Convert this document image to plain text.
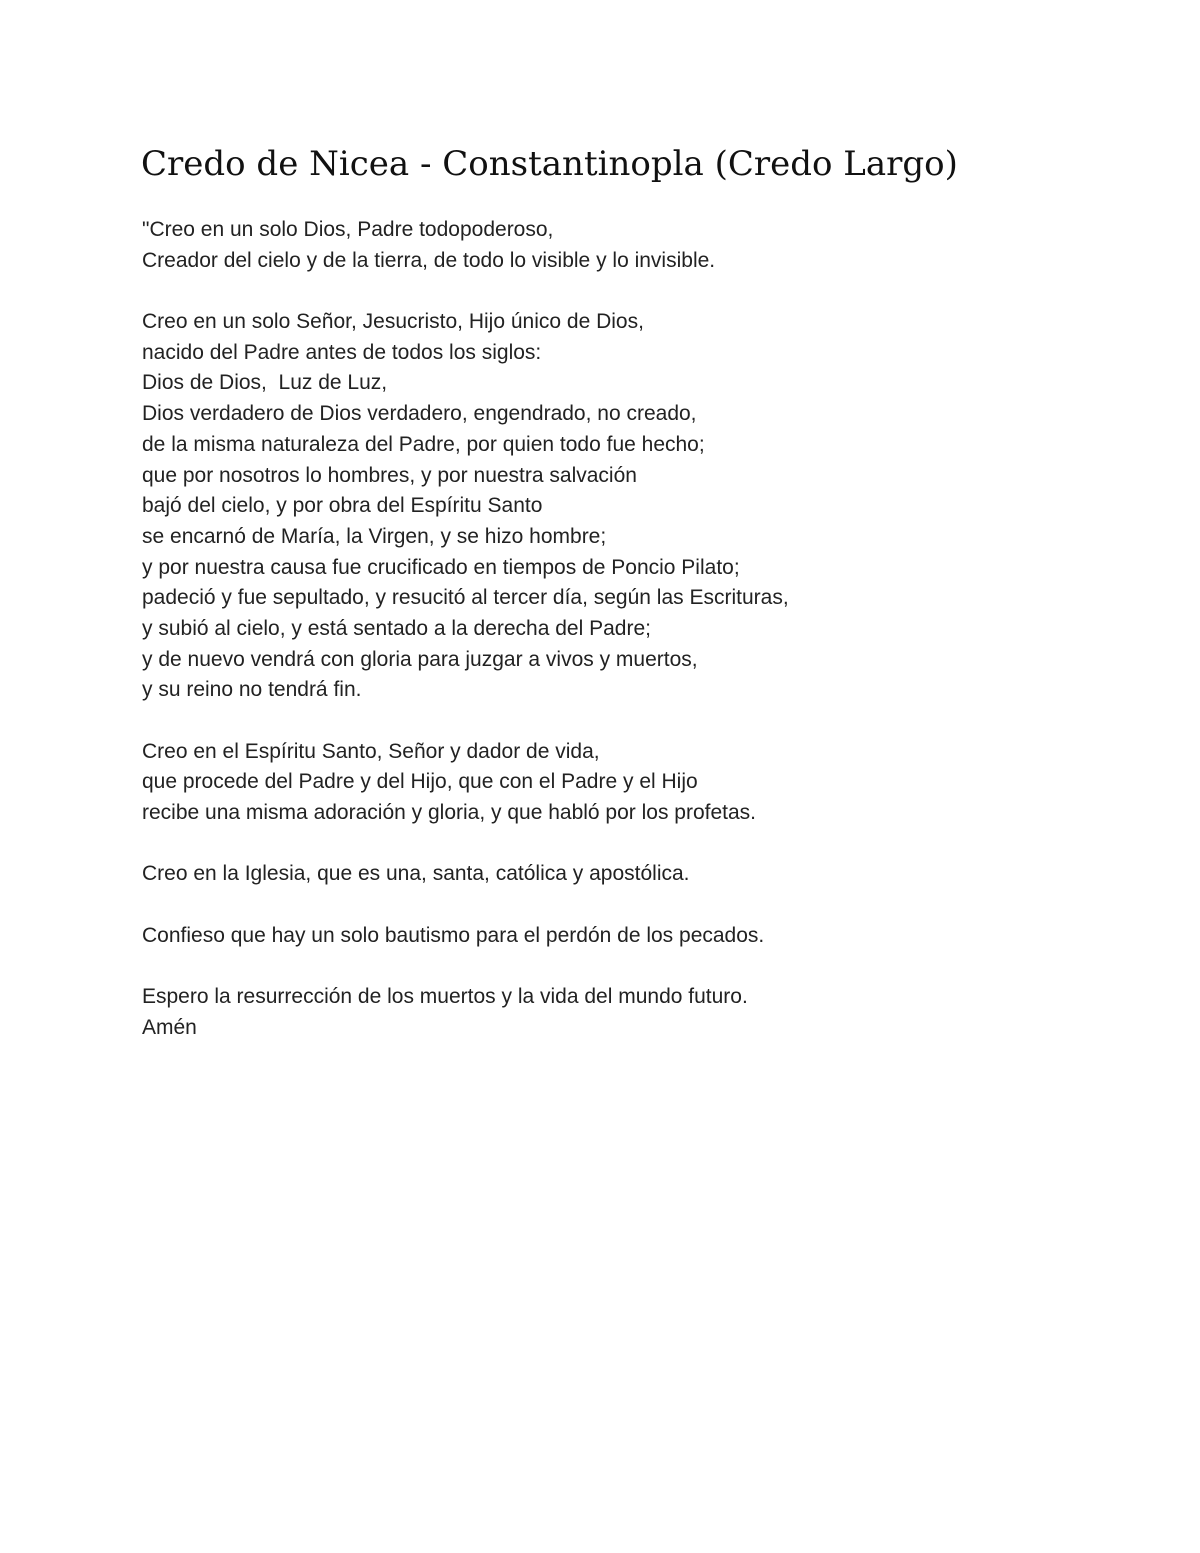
Credo de Nicea - Constantinopla (Credo Largo)
"Creo en un solo Dios, Padre todopoderoso,
Creador del cielo y de la tierra, de todo lo visible y lo invisible.
Creo en un solo Señor, Jesucristo, Hijo único de Dios,
nacido del Padre antes de todos los siglos:
Dios de Dios,  Luz de Luz,
Dios verdadero de Dios verdadero, engendrado, no creado,
de la misma naturaleza del Padre, por quien todo fue hecho;
que por nosotros lo hombres, y por nuestra salvación
bajó del cielo, y por obra del Espíritu Santo
se encarnó de María, la Virgen, y se hizo hombre;
y por nuestra causa fue crucificado en tiempos de Poncio Pilato;
padeció y fue sepultado, y resucitó al tercer día, según las Escrituras,
y subió al cielo, y está sentado a la derecha del Padre;
y de nuevo vendrá con gloria para juzgar a vivos y muertos,
y su reino no tendrá fin.
Creo en el Espíritu Santo, Señor y dador de vida,
que procede del Padre y del Hijo, que con el Padre y el Hijo
recibe una misma adoración y gloria, y que habló por los profetas.
Creo en la Iglesia, que es una, santa, católica y apostólica.
Confieso que hay un solo bautismo para el perdón de los pecados.
Espero la resurrección de los muertos y la vida del mundo futuro.
Amén
